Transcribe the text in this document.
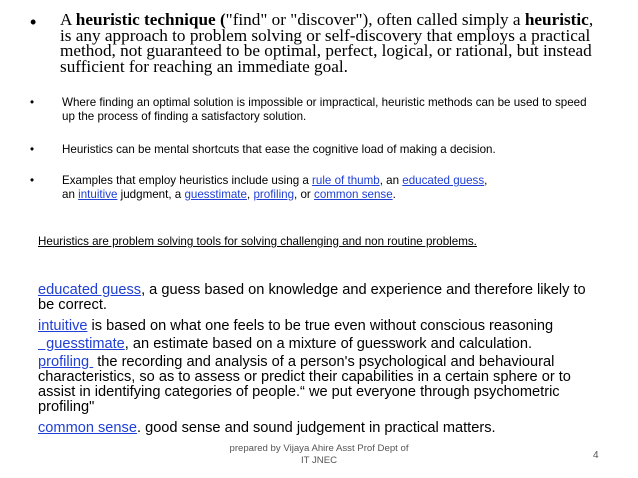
• A heuristic technique ("find" or "discover"), often called simply a heuristic, is any approach to problem solving or self-discovery that employs a practical method, not guaranteed to be optimal, perfect, logical, or rational, but instead sufficient for reaching an immediate goal.
• Where finding an optimal solution is impossible or impractical, heuristic methods can be used to speed up the process of finding a satisfactory solution.
• Heuristics can be mental shortcuts that ease the cognitive load of making a decision.
• Examples that employ heuristics include using a rule of thumb, an educated guess,
an intuitive judgment, a guesstimate, profiling, or common sense.
Heuristics are problem solving tools for solving challenging and non routine problems.
educated guess, a guess based on knowledge and experience and therefore likely to be correct.
intuitive is based on what one feels to be true even without conscious reasoning
guesstimate, an estimate based on a mixture of guesswork and calculation.
profiling  the recording and analysis of a person's psychological and behavioural characteristics, so as to assess or predict their capabilities in a certain sphere or to assist in identifying categories of people.“ we put everyone through psychometric profiling"
common sense. good sense and sound judgement in practical matters.
prepared by Vijaya Ahire Asst Prof Dept of
IT JNEC	4
